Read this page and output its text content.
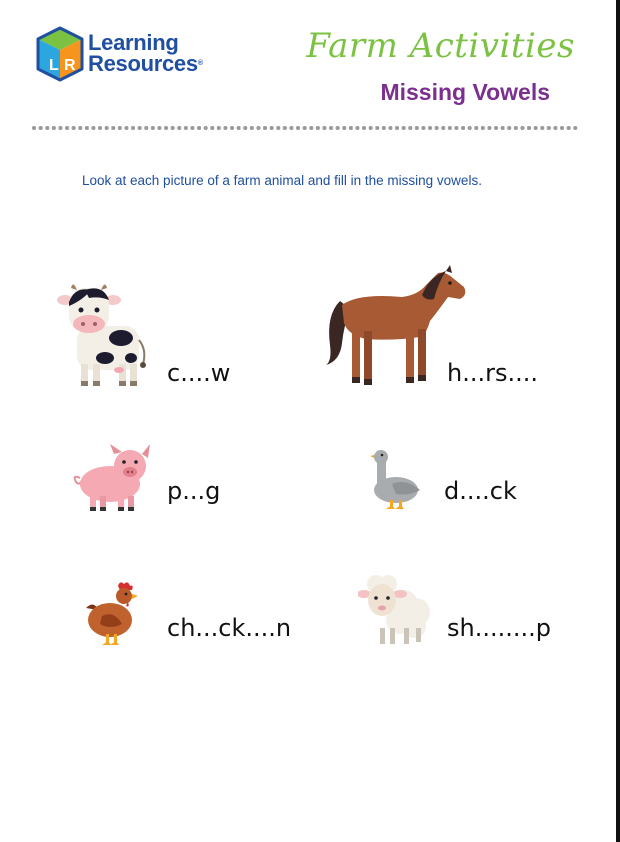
L R
Learning
Resources®	Farm Activities
Missing Vowels
Look at each picture of a farm animal and fill in the missing vowels.
c....w	h...rs....
p...g	d....ck
ch...ck....n	sh........p
